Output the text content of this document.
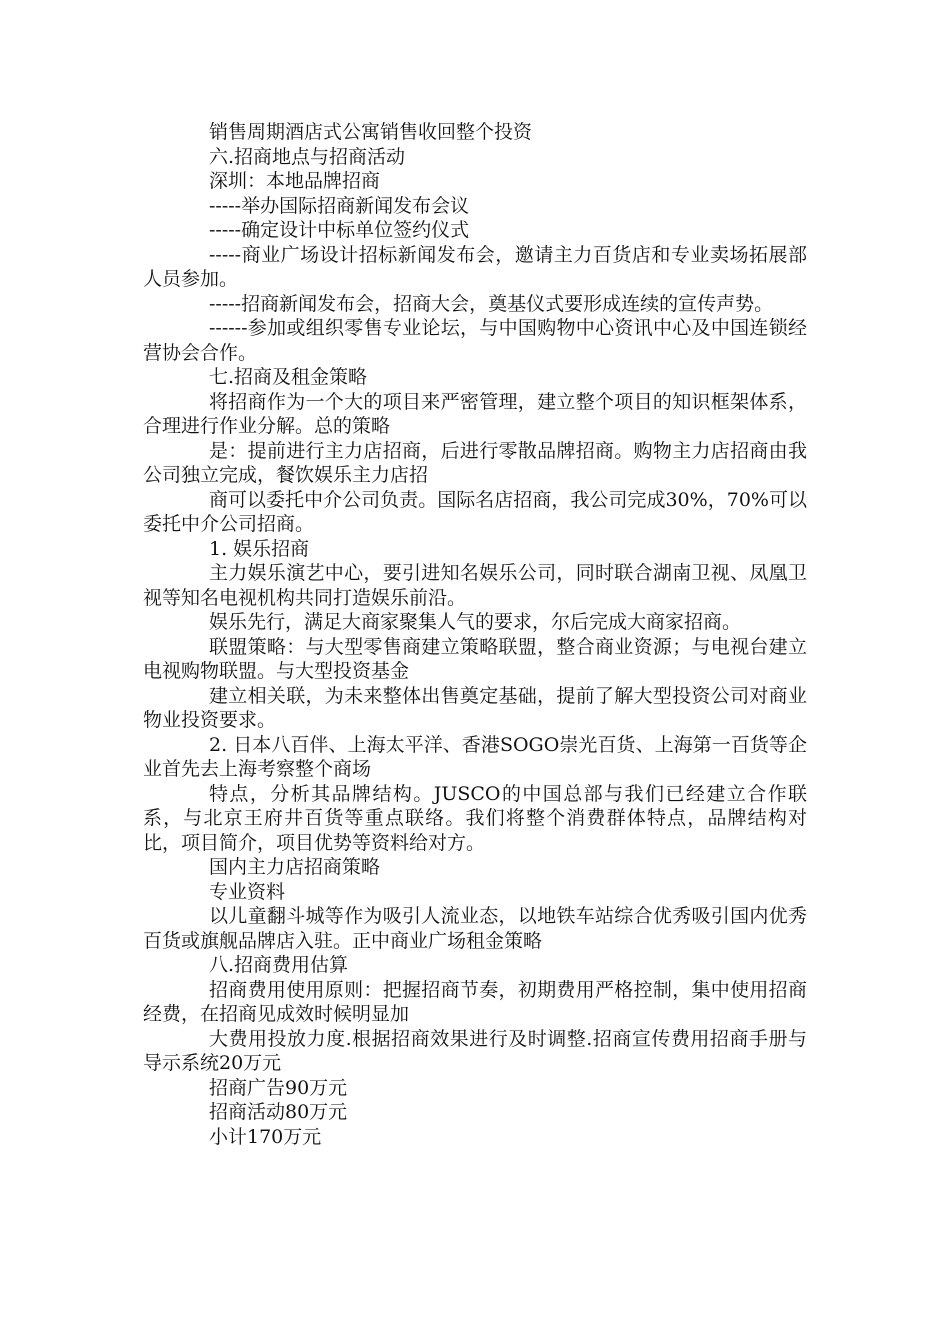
销售周期酒店式公寓销售收回整个投资

六.招商地点与招商活动

深圳：本地品牌招商

-----举办国际招商新闻发布会议

-----确定设计中标单位签约仪式

-----商业广场设计招标新闻发布会，邀请主力百货店和专业卖场拓展部人员参加。

-----招商新闻发布会，招商大会，奠基仪式要形成连续的宣传声势。

------参加或组织零售专业论坛，与中国购物中心资讯中心及中国连锁经营协会合作。

七.招商及租金策略

将招商作为一个大的项目来严密管理，建立整个项目的知识框架体系，合理进行作业分解。总的策略

是：提前进行主力店招商，后进行零散品牌招商。购物主力店招商由我公司独立完成，餐饮娱乐主力店招

商可以委托中介公司负责。国际名店招商，我公司完成30%，70%可以委托中介公司招商。

1. 娱乐招商

主力娱乐演艺中心，要引进知名娱乐公司，同时联合湖南卫视、凤凰卫视等知名电视机构共同打造娱乐前沿。

娱乐先行，满足大商家聚集人气的要求，尔后完成大商家招商。

联盟策略：与大型零售商建立策略联盟，整合商业资源；与电视台建立电视购物联盟。与大型投资基金

建立相关联，为未来整体出售奠定基础，提前了解大型投资公司对商业物业投资要求。

2. 日本八百伴、上海太平洋、香港SOGO崇光百货、上海第一百货等企业首先去上海考察整个商场

特点，分析其品牌结构。JUSCO的中国总部与我们已经建立合作联系，与北京王府井百货等重点联络。我们将整个消费群体特点，品牌结构对比，项目简介，项目优势等资料给对方。

国内主力店招商策略

专业资料

以儿童翻斗城等作为吸引人流业态，以地铁车站综合优秀吸引国内优秀百货或旗舰品牌店入驻。正中商业广场租金策略

八.招商费用估算

招商费用使用原则：把握招商节奏，初期费用严格控制，集中使用招商经费，在招商见成效时候明显加

大费用投放力度.根据招商效果进行及时调整.招商宣传费用招商手册与导示系统20万元

招商广告90万元

招商活动80万元

小计170万元
